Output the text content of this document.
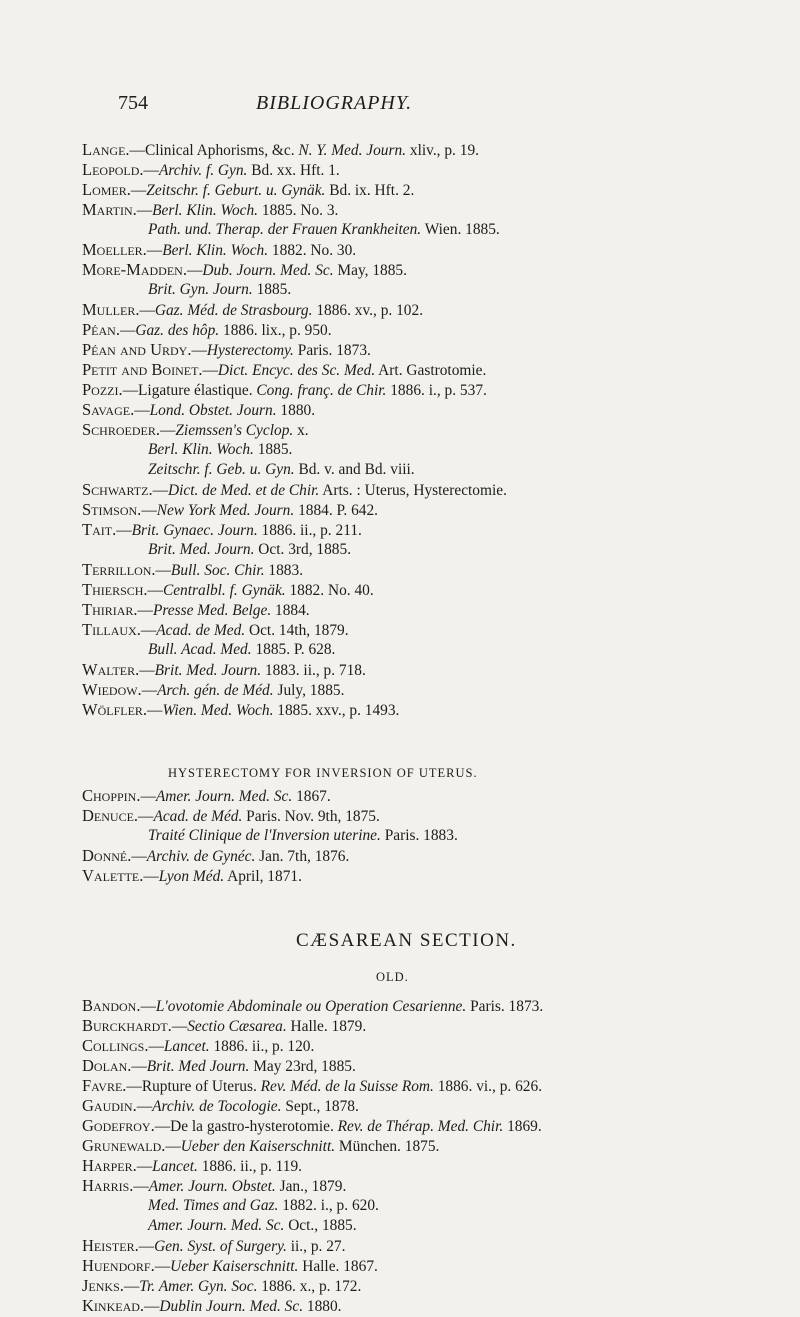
754	BIBLIOGRAPHY.
Lange.—Clinical Aphorisms, &c. N. Y. Med. Journ. xliv., p. 19.
Leopold.—Archiv. f. Gyn. Bd. xx. Hft. 1.
Lomer.—Zeitschr. f. Geburt. u. Gynäk. Bd. ix. Hft. 2.
Martin.—Berl. Klin. Woch. 1885. No. 3.
Path. und. Therap. der Frauen Krankheiten. Wien. 1885.
Moeller.—Berl. Klin. Woch. 1882. No. 30.
More-Madden.—Dub. Journ. Med. Sc. May, 1885.
Brit. Gyn. Journ. 1885.
Muller.—Gaz. Méd. de Strasbourg. 1886. xv., p. 102.
Péan.—Gaz. des hôp. 1886. lix., p. 950.
Péan and Urdy.—Hysterectomy. Paris. 1873.
Petit and Boinet.—Dict. Encyc. des Sc. Med. Art. Gastrotomie.
Pozzi.—Ligature élastique. Cong. franç. de Chir. 1886. i., p. 537.
Savage.—Lond. Obstet. Journ. 1880.
Schroeder.—Ziemssen's Cyclop. x.
Berl. Klin. Woch. 1885.
Zeitschr. f. Geb. u. Gyn. Bd. v. and Bd. viii.
Schwartz.—Dict. de Med. et de Chir. Arts. : Uterus, Hysterectomie.
Stimson.—New York Med. Journ. 1884. P. 642.
Tait.—Brit. Gynaec. Journ. 1886. ii., p. 211.
Brit. Med. Journ. Oct. 3rd, 1885.
Terrillon.—Bull. Soc. Chir. 1883.
Thiersch.—Centralbl. f. Gynäk. 1882. No. 40.
Thiriar.—Presse Med. Belge. 1884.
Tillaux.—Acad. de Med. Oct. 14th, 1879.
Bull. Acad. Med. 1885. P. 628.
Walter.—Brit. Med. Journ. 1883. ii., p. 718.
Wiedow.—Arch. gén. de Méd. July, 1885.
Wölfler.—Wien. Med. Woch. 1885. xxv., p. 1493.
HYSTERECTOMY FOR INVERSION OF UTERUS.
Choppin.—Amer. Journ. Med. Sc. 1867.
Denuce.—Acad. de Méd. Paris. Nov. 9th, 1875.
Traité Clinique de l'Inversion uterine. Paris. 1883.
Donné.—Archiv. de Gynéc. Jan. 7th, 1876.
Valette.—Lyon Méd. April, 1871.
CÆSAREAN SECTION.
OLD.
Bandon.—L'ovotomie Abdominale ou Operation Cesarienne. Paris. 1873.
Burckhardt.—Sectio Cæsarea. Halle. 1879.
Collings.—Lancet. 1886. ii., p. 120.
Dolan.—Brit. Med Journ. May 23rd, 1885.
Favre.—Rupture of Uterus. Rev. Méd. de la Suisse Rom. 1886. vi., p. 626.
Gaudin.—Archiv. de Tocologie. Sept., 1878.
Godefroy.—De la gastro-hysterotomie. Rev. de Thérap. Med. Chir. 1869.
Grunewald.—Ueber den Kaiserschnitt. München. 1875.
Harper.—Lancet. 1886. ii., p. 119.
Harris.—Amer. Journ. Obstet. Jan., 1879.
Med. Times and Gaz. 1882. i., p. 620.
Amer. Journ. Med. Sc. Oct., 1885.
Heister.—Gen. Syst. of Surgery. ii., p. 27.
Huendorf.—Ueber Kaiserschnitt. Halle. 1867.
Jenks.—Tr. Amer. Gyn. Soc. 1886. x., p. 172.
Kinkead.—Dublin Journ. Med. Sc. 1880.
